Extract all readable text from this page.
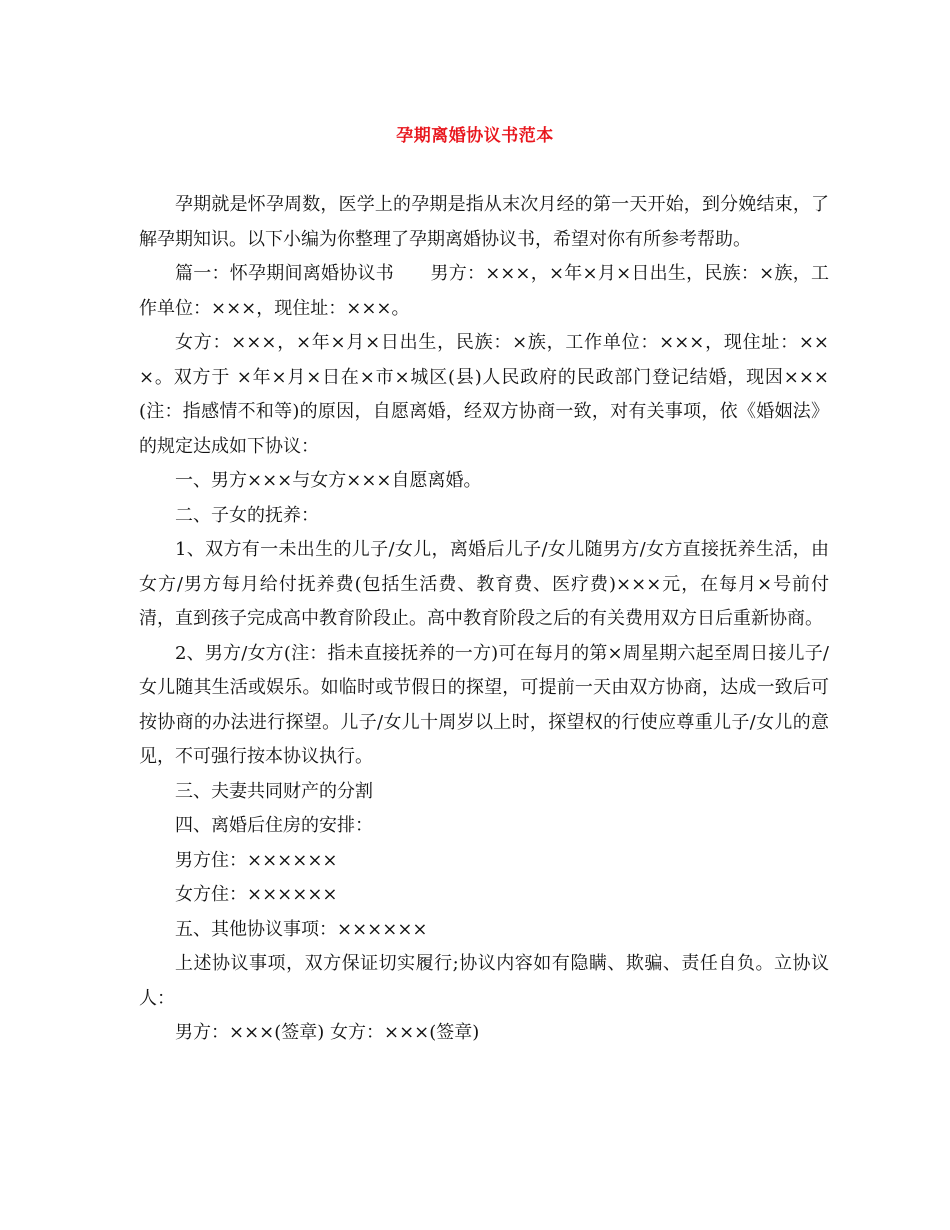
孕期离婚协议书范本

孕期就是怀孕周数，医学上的孕期是指从末次月经的第一天开始，到分娩结束，了解孕期知识。以下小编为你整理了孕期离婚协议书，希望对你有所参考帮助。

篇一：怀孕期间离婚协议书　　男方：×××，×年×月×日出生，民族：×族，工作单位：×××，现住址：×××。

女方：×××，×年×月×日出生，民族：×族，工作单位：×××，现住址：×××。双方于 ×年×月×日在×市×城区(县)人民政府的民政部门登记结婚，现因×××(注：指感情不和等)的原因，自愿离婚，经双方协商一致，对有关事项，依《婚姻法》的规定达成如下协议：

一、男方×××与女方×××自愿离婚。

二、子女的抚养：

1、双方有一未出生的儿子/女儿，离婚后儿子/女儿随男方/女方直接抚养生活，由女方/男方每月给付抚养费(包括生活费、教育费、医疗费)×××元，在每月×号前付清，直到孩子完成高中教育阶段止。高中教育阶段之后的有关费用双方日后重新协商。

2、男方/女方(注：指未直接抚养的一方)可在每月的第×周星期六起至周日接儿子/女儿随其生活或娱乐。如临时或节假日的探望，可提前一天由双方协商，达成一致后可按协商的办法进行探望。儿子/女儿十周岁以上时，探望权的行使应尊重儿子/女儿的意见，不可强行按本协议执行。

三、夫妻共同财产的分割

四、离婚后住房的安排：

男方住：××××××

女方住：××××××

五、其他协议事项：××××××

上述协议事项，双方保证切实履行;协议内容如有隐瞒、欺骗、责任自负。立协议人：

男方：×××(签章) 女方：×××(签章)
